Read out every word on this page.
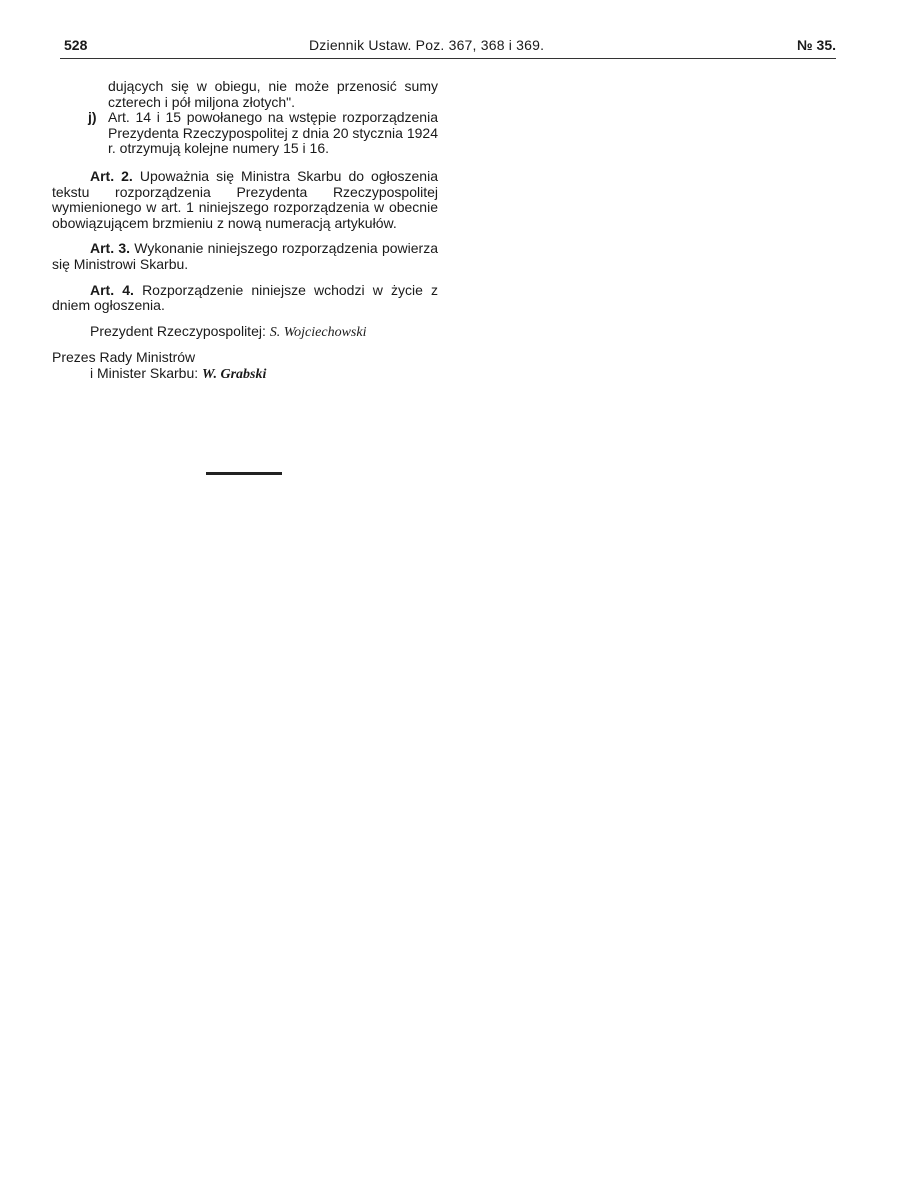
528	Dziennik Ustaw. Poz. 367, 368 i 369.	№ 35.

dujących się w obiegu, nie może przenosić sumy czterech i pół miljona złotych".

j) Art. 14 i 15 powołanego na wstępie rozporządzenia Prezydenta Rzeczypospolitej z dnia 20 stycznia 1924 r. otrzymują kolejne numery 15 i 16.

Art. 2. Upoważnia się Ministra Skarbu do ogłoszenia tekstu rozporządzenia Prezydenta Rzeczypospolitej wymienionego w art. 1 niniejszego rozporządzenia w obecnie obowiązującem brzmieniu z nową numeracją artykułów.

Art. 3. Wykonanie niniejszego rozporządzenia powierza się Ministrowi Skarbu.

Art. 4. Rozporządzenie niniejsze wchodzi w życie z dniem ogłoszenia.

Prezydent Rzeczypospolitej: S. Wojciechowski

Prezes Rady Ministrów

i Minister Skarbu: W. Grabski
